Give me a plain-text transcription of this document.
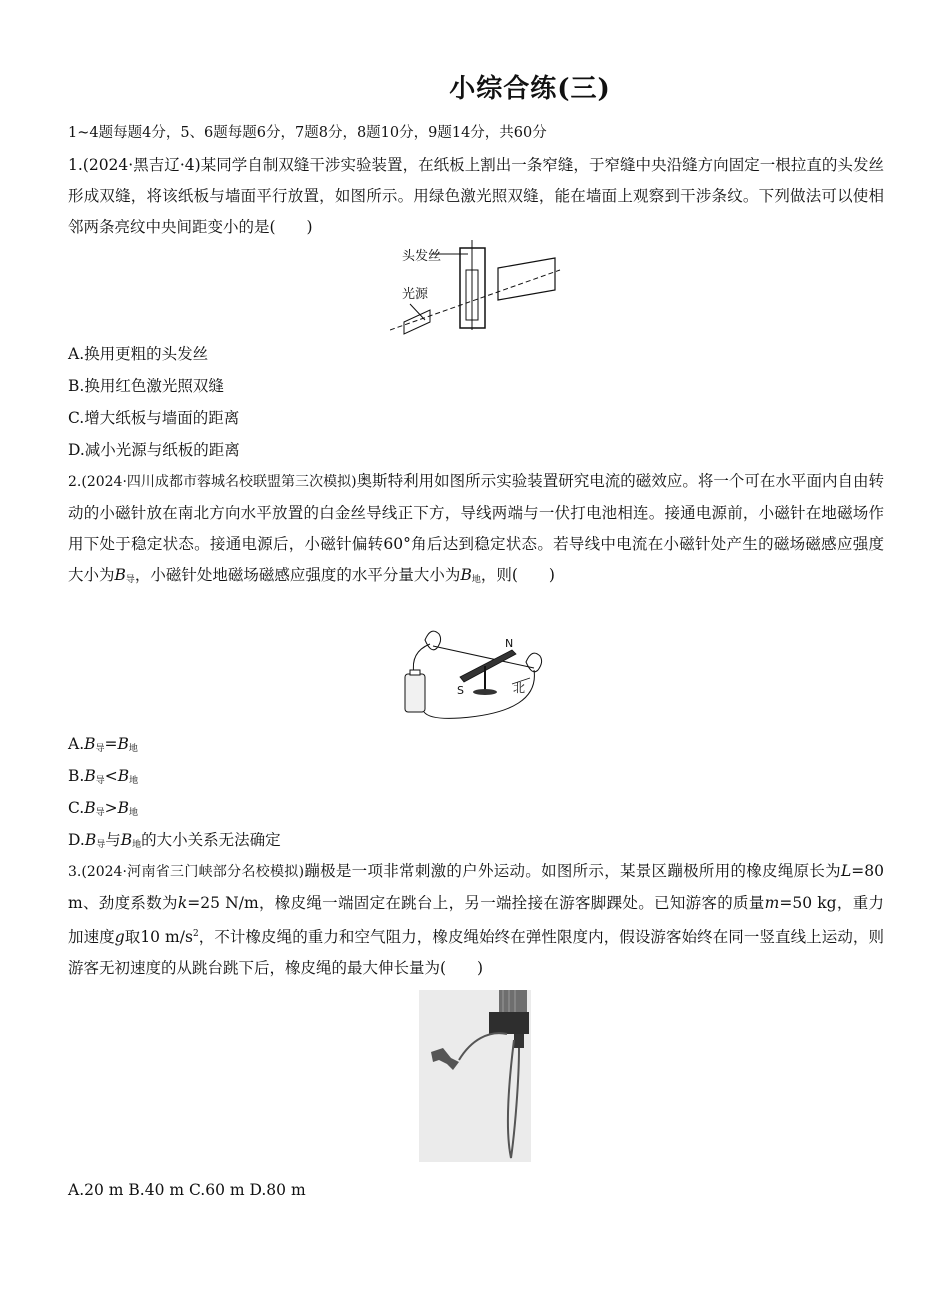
小综合练(三)
1~4题每题4分，5、6题每题6分，7题8分，8题10分，9题14分，共60分
1.(2024·黑吉辽·4)某同学自制双缝干涉实验装置，在纸板上割出一条窄缝，于窄缝中央沿缝方向固定一根拉直的头发丝形成双缝，将该纸板与墙面平行放置，如图所示。用绿色激光照双缝，能在墙面上观察到干涉条纹。下列做法可以使相邻两条亮纹中央间距变小的是(　　)
头发丝
光源
A.换用更粗的头发丝
B.换用红色激光照双缝
C.增大纸板与墙面的距离
D.减小光源与纸板的距离
2.(2024·四川成都市蓉城名校联盟第三次模拟)奥斯特利用如图所示实验装置研究电流的磁效应。将一个可在水平面内自由转动的小磁针放在南北方向水平放置的白金丝导线正下方，导线两端与一伏打电池相连。接通电源前，小磁针在地磁场作用下处于稳定状态。接通电源后，小磁针偏转60°角后达到稳定状态。若导线中电流在小磁针处产生的磁场磁感应强度大小为$B_导$，小磁针处地磁场磁感应强度的水平分量大小为$B_地$，则(　　)
N
S	北
$A.B_导=B_地$
$B.B_导<B_地$
$C.B_导>B_地$
$D.B_导$与$B_地$的大小关系无法确定
3.(2024·河南省三门峡部分名校模拟)蹦极是一项非常刺激的户外运动。如图所示，某景区蹦极所用的橡皮绳原长为L=80 m、劲度系数为k=25 N/m，橡皮绳一端固定在跳台上，另一端拴接在游客脚踝处。已知游客的质量m=50 kg，重力加速度g取10 $m/s^2$，不计橡皮绳的重力和空气阻力，橡皮绳始终在弹性限度内，假设游客始终在同一竖直线上运动，则游客无初速度的从跳台跳下后，橡皮绳的最大伸长量为(　　)
A.20 m B.40 m C.60 m D.80 m
